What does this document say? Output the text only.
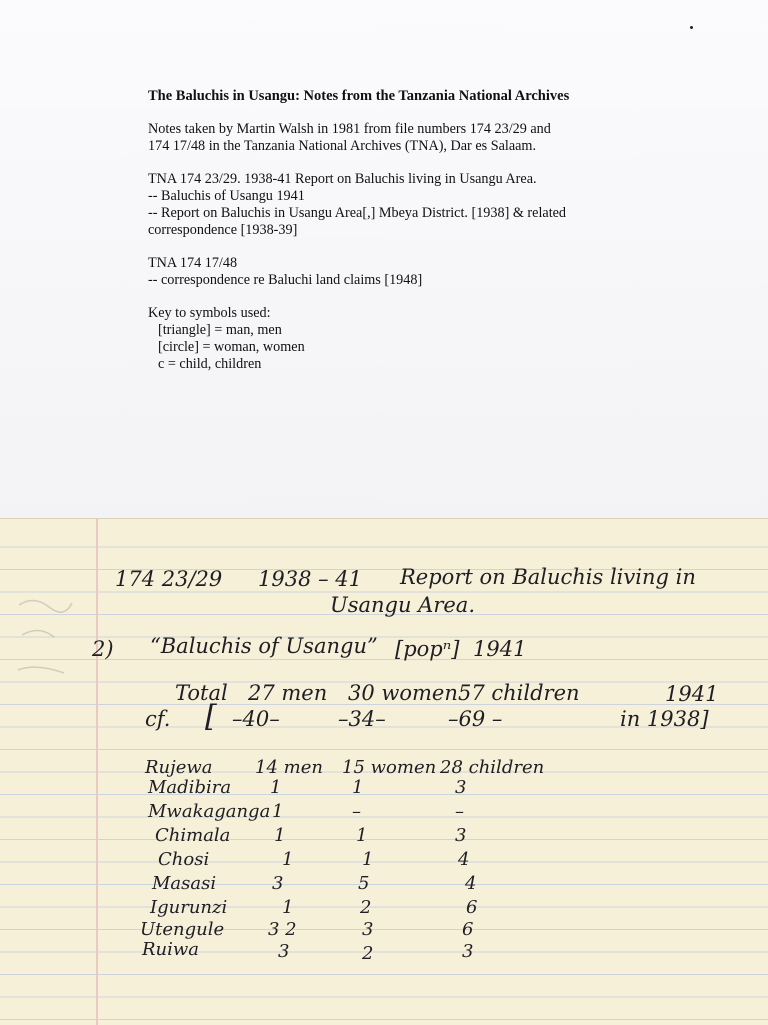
The Baluchis in Usangu: Notes from the Tanzania National Archives

Notes taken by Martin Walsh in 1981 from file numbers 174 23/29 and
174 17/48 in the Tanzania National Archives (TNA), Dar es Salaam.

TNA 174 23/29. 1938-41 Report on Baluchis living in Usangu Area.
-- Baluchis of Usangu 1941
-- Report on Baluchis in Usangu Area[,] Mbeya District. [1938] & related
correspondence [1938-39]

TNA 174 17/48
-- correspondence re Baluchi land claims [1948]

Key to symbols used:
[triangle] = man, men
[circle] = woman, women
c = child, children

174 23/29 1938 – 41 Report on Baluchis living in
Usangu Area.
2) “Baluchis of Usangu” [popⁿ] 1941
Total 27 men 30 women 57 children	1941
cf. [ –40–	–34–	–69 –	in 1938]
Rujewa 14 men 15 women 28 children
Madibira 1	1	3
Mwakaganga 1	–	–
Chimala 1	1	3
Chosi	1	1	4
Masasi	3	5	4
Igurunzi	1	2	6
Utengule 3 2	3	6
Ruiwa	3	2	3
